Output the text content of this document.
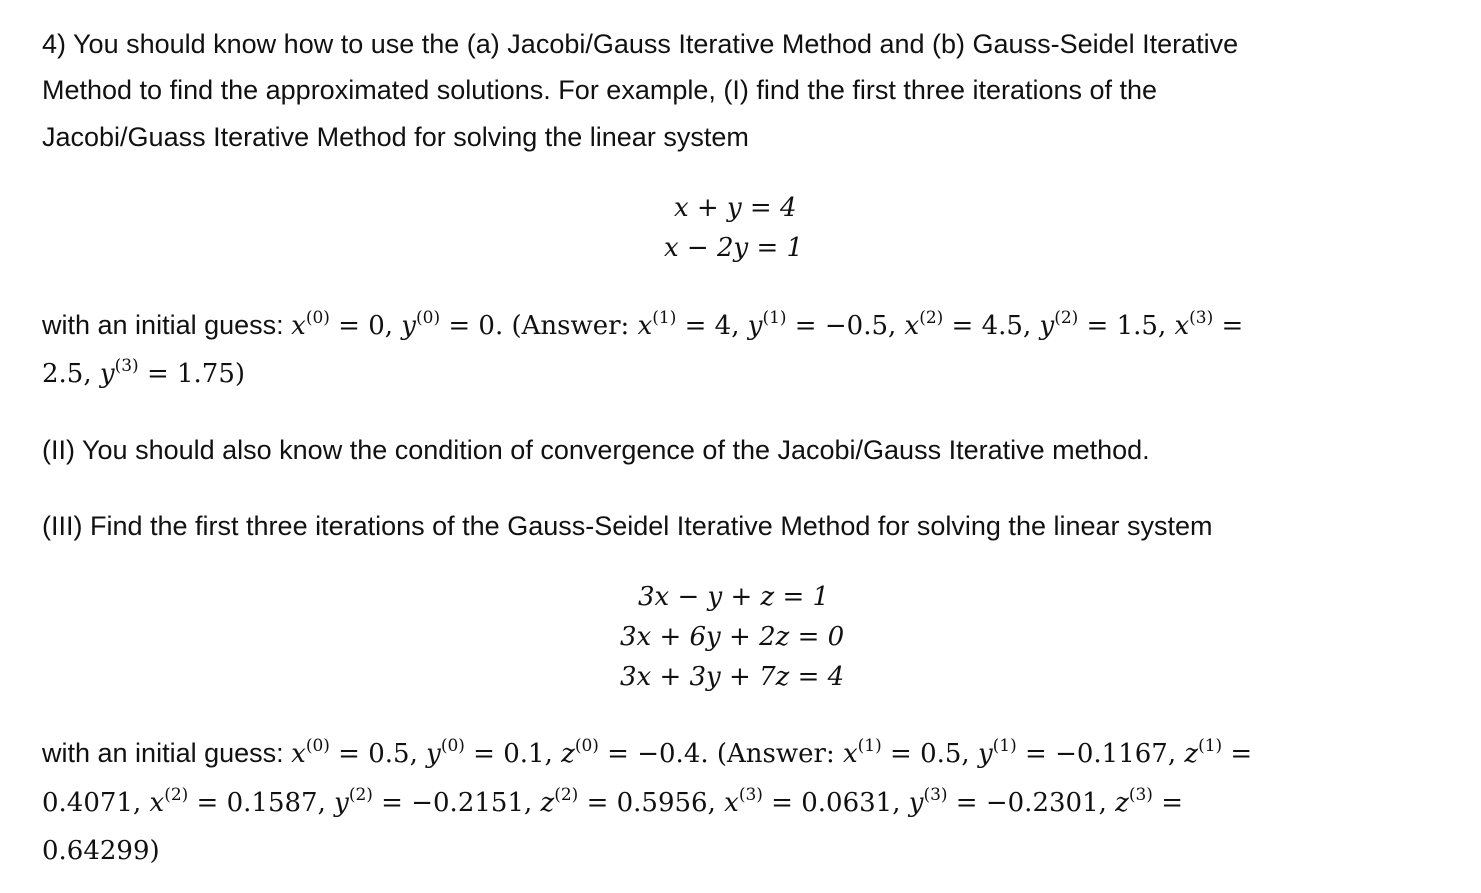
4) You should know how to use the (a) Jacobi/Gauss Iterative Method and (b) Gauss-Seidel Iterative
Method to find the approximated solutions. For example, (I) find the first three iterations of the
Jacobi/Guass Iterative Method for solving the linear system
x + y = 4
x − 2y = 1
with an initial guess: $x^{(0)} = 0$, $y^{(0)} = 0$. (Answer: $x^{(1)} = 4$, $y^{(1)} = -0.5$, $x^{(2)} = 4.5$, $y^{(2)} = 1.5$, $x^{(3)}$ =
2.5, $y^{(3)} = 1.75$)
(II) You should also know the condition of convergence of the Jacobi/Gauss Iterative method.
(III) Find the first three iterations of the Gauss-Seidel Iterative Method for solving the linear system
3x − y + z = 1
3x + 6y + 2z = 0
3x + 3y + 7z = 4
with an initial guess: $x^{(0)} = 0.5$, $y^{(0)} = 0.1$, $z^{(0)} = -0.4$. (Answer: $x^{(1)} = 0.5$, $y^{(1)} = -0.1167$, $z^{(1)}$ =
0.4071, $x^{(2)} = 0.1587$, $y^{(2)} = -0.2151$, $z^{(2)} = 0.5956$, $x^{(3)} = 0.0631$, $y^{(3)} = -0.2301$, $z^{(3)}$ =
0.64299)
